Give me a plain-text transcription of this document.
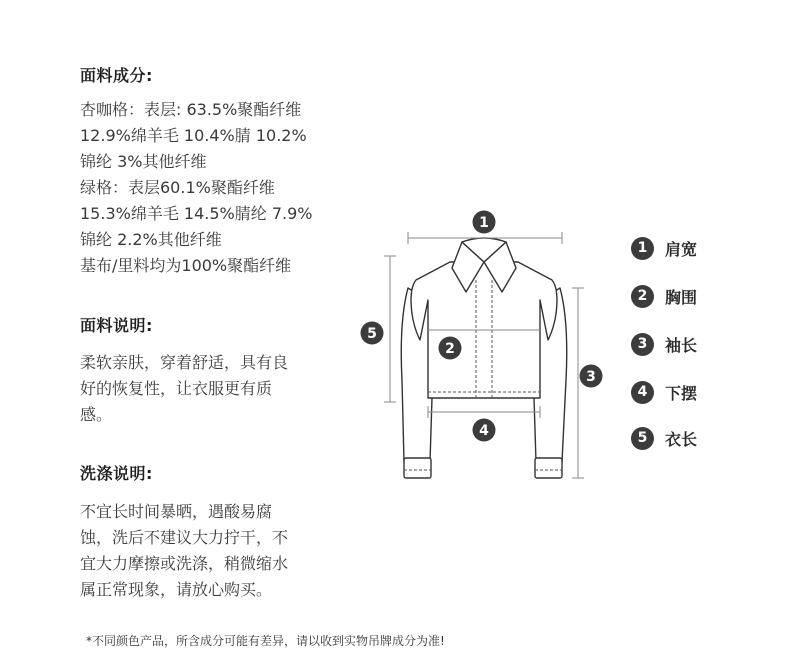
面料成分:
杏咖格：表层: 63.5%聚酯纤维
12.9%绵羊毛 10.4%腈 10.2%
锦纶 3%其他纤维
绿格：表层60.1%聚酯纤维
15.3%绵羊毛 14.5%腈纶 7.9%
锦纶 2.2%其他纤维
基布/里料均为100%聚酯纤维
面料说明:
柔软亲肤，穿着舒适，具有良
好的恢复性，让衣服更有质
感。
洗涤说明:
不宜长时间暴晒，遇酸易腐
蚀，洗后不建议大力拧干，不
宜大力摩擦或洗涤，稍微缩水
属正常现象，请放心购买。
1
2
3
4
5
1	肩宽
2	胸围
3	袖长
4	下摆
5	衣长
*不同颜色产品，所含成分可能有差异，请以收到实物吊牌成分为准!
